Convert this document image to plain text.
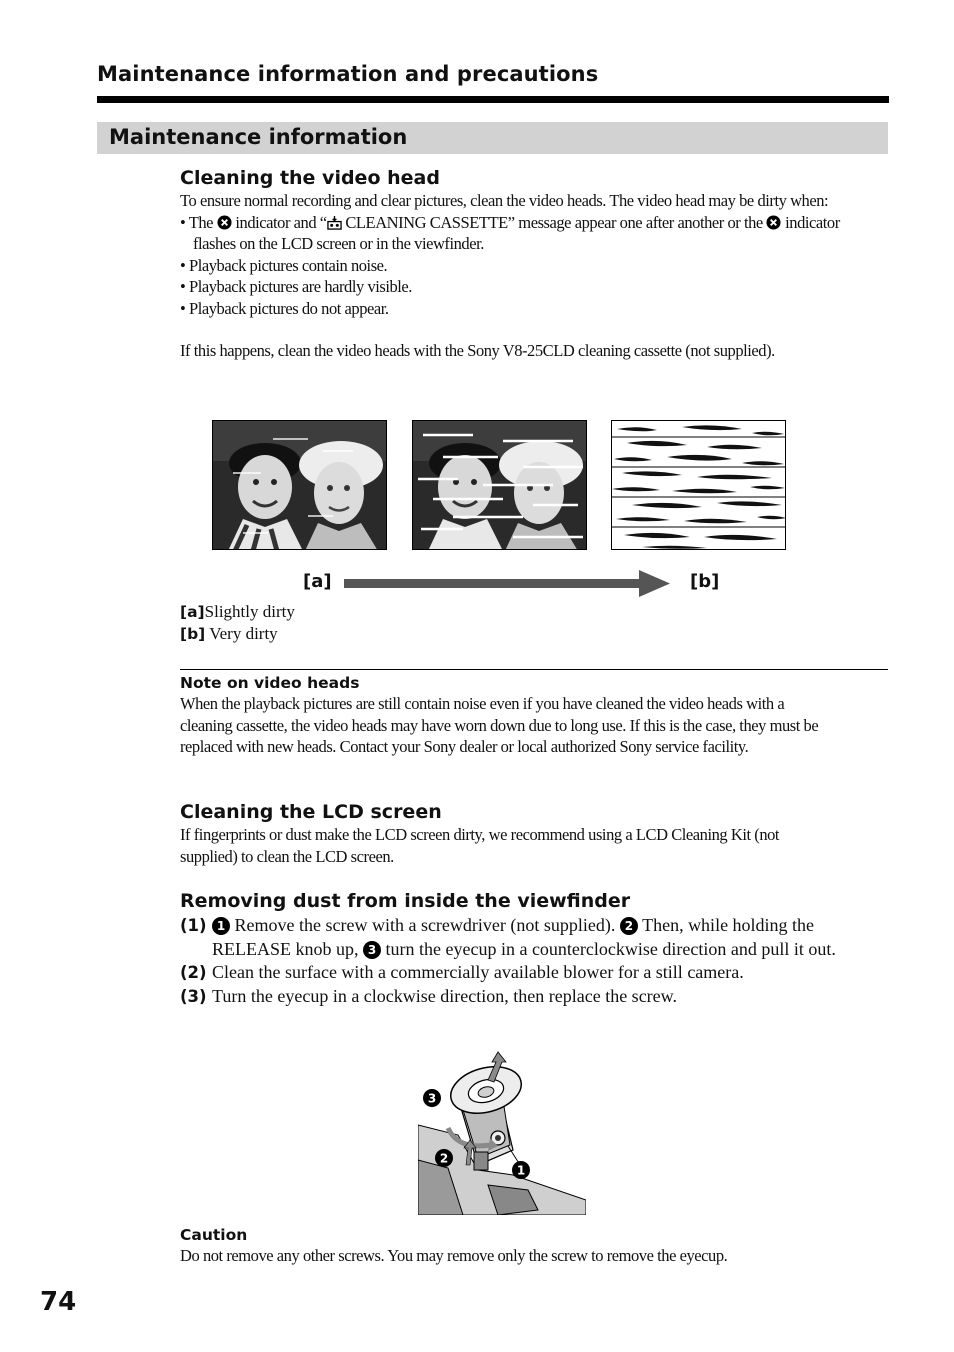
Maintenance information and precautions
Maintenance information
Cleaning the video head
To ensure normal recording and clear pictures, clean the video heads. The video head may be dirty when:
• The indicator and “ CLEANING CASSETTE” message appear one after another or the indicator flashes on the LCD screen or in the viewfinder.
• Playback pictures contain noise.
• Playback pictures are hardly visible.
• Playback pictures do not appear.
If this happens, clean the video heads with the Sony V8-25CLD cleaning cassette (not supplied).
[a]	[b]
[a]Slightly dirty
[b] Very dirty
Note on video heads
When the playback pictures are still contain noise even if you have cleaned the video heads with a cleaning cassette, the video heads may have worn down due to long use. If this is the case, they must be replaced with new heads. Contact your Sony dealer or local authorized Sony service facility.
Cleaning the LCD screen
If fingerprints or dust make the LCD screen dirty, we recommend using a LCD Cleaning Kit (not supplied) to clean the LCD screen.
Removing dust from inside the viewfinder
(1) 1 Remove the screw with a screwdriver (not supplied). 2 Then, while holding the RELEASE knob up, 3 turn the eyecup in a counterclockwise direction and pull it out.
(2) Clean the surface with a commercially available blower for a still camera.
(3) Turn the eyecup in a clockwise direction, then replace the screw.
3
2
1
Caution
Do not remove any other screws. You may remove only the screw to remove the eyecup.
74
